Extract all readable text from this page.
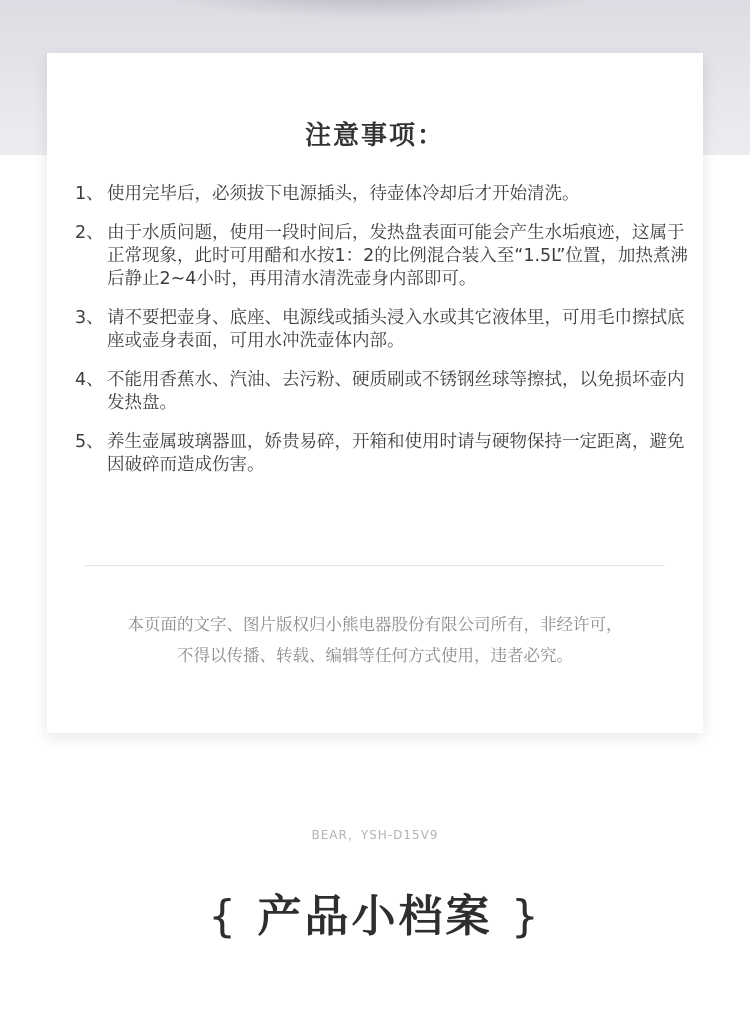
注意事项：
1、 使用完毕后，必须拔下电源插头，待壶体冷却后才开始清洗。
2、 由于水质问题，使用一段时间后，发热盘表面可能会产生水垢痕迹，这属于正常现象，此时可用醋和水按1：2的比例混合装入至“1.5L”位置，加热煮沸后静止2~4小时，再用清水清洗壶身内部即可。
3、 请不要把壶身、底座、电源线或插头浸入水或其它液体里，可用毛巾擦拭底座或壶身表面，可用水冲洗壶体内部。
4、 不能用香蕉水、汽油、去污粉、硬质刷或不锈钢丝球等擦拭，以免损坏壶内发热盘。
5、 养生壶属玻璃器皿，娇贵易碎，开箱和使用时请与硬物保持一定距离，避免因破碎而造成伤害。
本页面的文字、图片版权归小熊电器股份有限公司所有，非经许可，
不得以传播、转载、编辑等任何方式使用，违者必究。
BEAR，YSH-D15V9
{ 产品小档案 }
